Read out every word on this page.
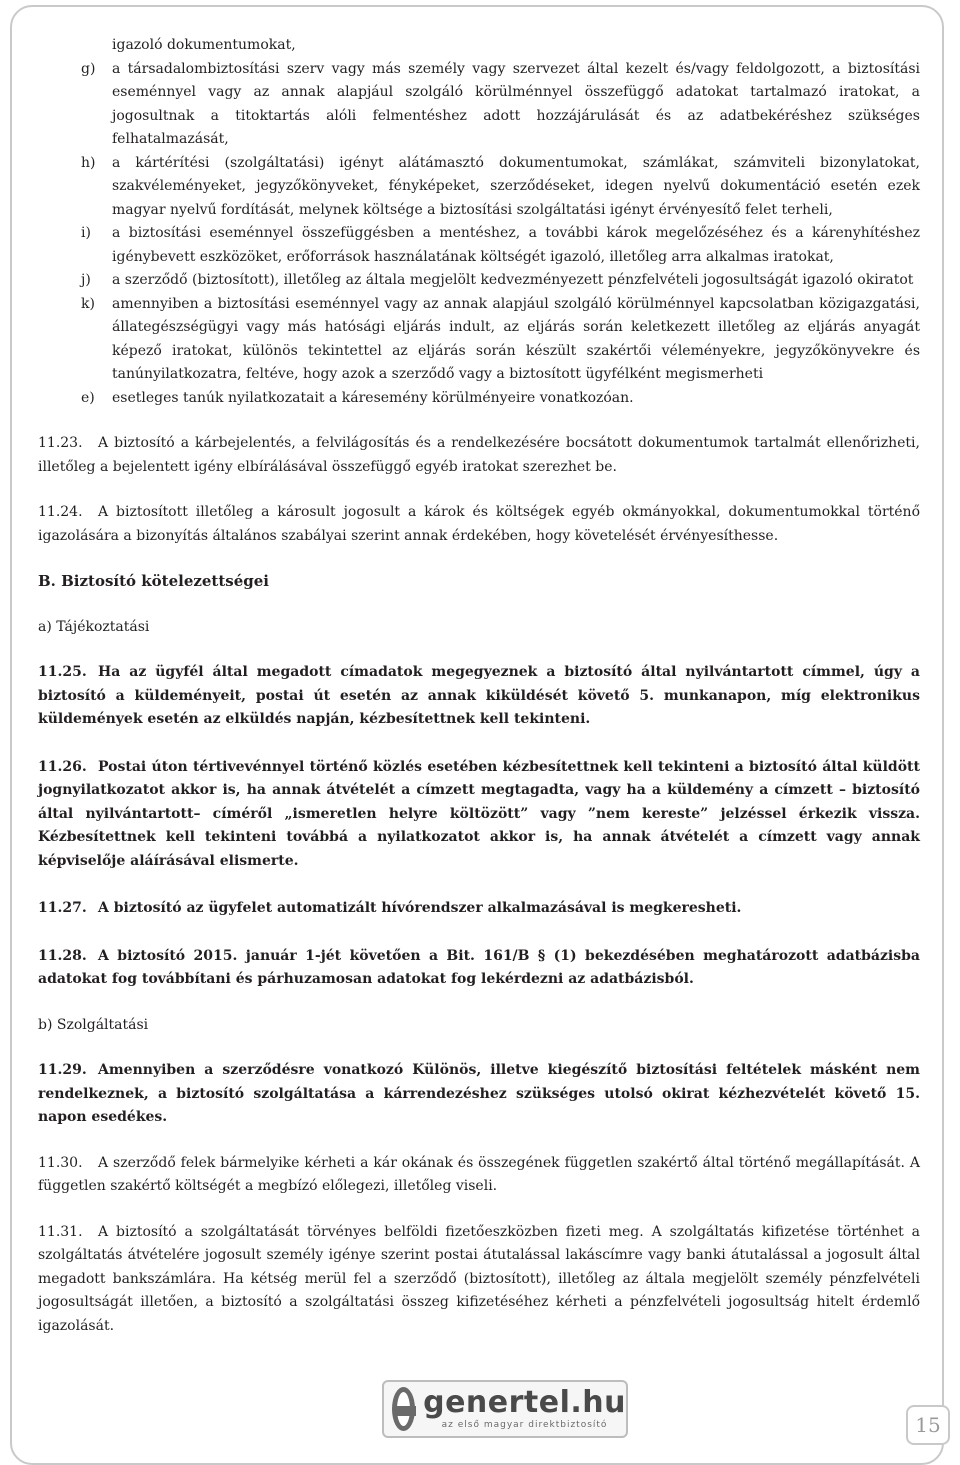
igazoló dokumentumokat,
g) a társadalombiztosítási szerv vagy más személy vagy szervezet által kezelt és/vagy feldolgozott, a biztosítási eseménnyel vagy az annak alapjául szolgáló körülménnyel összefüggő adatokat tartalmazó iratokat, a jogosultnak a titoktartás alóli felmentéshez adott hozzájárulását és az adatbekéréshez szükséges felhatalmazását,
h) a kártérítési (szolgáltatási) igényt alátámasztó dokumentumokat, számlákat, számviteli bizonylatokat, szakvéleményeket, jegyzőkönyveket, fényképeket, szerződéseket, idegen nyelvű dokumentáció esetén ezek magyar nyelvű fordítását, melynek költsége a biztosítási szolgáltatási igényt érvényesítő felet terheli,
i) a biztosítási eseménnyel összefüggésben a mentéshez, a további károk megelőzéséhez és a kárenyhítéshez igénybevett eszközöket, erőforrások használatának költségét igazoló, illetőleg arra alkalmas iratokat,
j) a szerződő (biztosított), illetőleg az általa megjelölt kedvezményezett pénzfelvételi jogosultságát igazoló okiratot
k) amennyiben a biztosítási eseménnyel vagy az annak alapjául szolgáló körülménnyel kapcsolatban közigazgatási, állategészségügyi vagy más hatósági eljárás indult, az eljárás során keletkezett illetőleg az eljárás anyagát képező iratokat, különös tekintettel az eljárás során készült szakértői véleményekre, jegyzőkönyvekre és tanúnyilatkozatra, feltéve, hogy azok a szerződő vagy a biztosított ügyfélként megismerheti
e) esetleges tanúk nyilatkozatait a káresemény körülményeire vonatkozóan.

11.23. A biztosító a kárbejelentés, a felvilágosítás és a rendelkezésére bocsátott dokumentumok tartalmát ellenőrizheti, illetőleg a bejelentett igény elbírálásával összefüggő egyéb iratokat szerezhet be.

11.24. A biztosított illetőleg a károsult jogosult a károk és költségek egyéb okmányokkal, dokumentumokkal történő igazolására a bizonyítás általános szabályai szerint annak érdekében, hogy követelését érvényesíthesse.

B. Biztosító kötelezettségei

a) Tájékoztatási

11.25. Ha az ügyfél által megadott címadatok megegyeznek a biztosító által nyilvántartott címmel, úgy a biztosító a küldeményeit, postai út esetén az annak kiküldését követő 5. munkanapon, míg elektronikus küldemények esetén az elküldés napján, kézbesítettnek kell tekinteni.

11.26. Postai úton tértivevénnyel történő közlés esetében kézbesítettnek kell tekinteni a biztosító által küldött jognyilatkozatot akkor is, ha annak átvételét a címzett megtagadta, vagy ha a küldemény a címzett – biztosító által nyilvántartott– címéről „ismeretlen helyre költözött” vagy ”nem kereste” jelzéssel érkezik vissza. Kézbesítettnek kell tekinteni továbbá a nyilatkozatot akkor is, ha annak átvételét a címzett vagy annak képviselője aláírásával elismerte.

11.27. A biztosító az ügyfelet automatizált hívórendszer alkalmazásával is megkeresheti.

11.28. A biztosító 2015. január 1-jét követően a Bit. 161/B § (1) bekezdésében meghatározott adatbázisba adatokat fog továbbítani és párhuzamosan adatokat fog lekérdezni az adatbázisból.

b) Szolgáltatási

11.29. Amennyiben a szerződésre vonatkozó Különös, illetve kiegészítő biztosítási feltételek másként nem rendelkeznek, a biztosító szolgáltatása a kárrendezéshez szükséges utolsó okirat kézhezvételét követő 15. napon esedékes.

11.30. A szerződő felek bármelyike kérheti a kár okának és összegének független szakértő által történő megállapítását. A független szakértő költségét a megbízó előlegezi, illetőleg viseli.

11.31. A biztosító a szolgáltatását törvényes belföldi fizetőeszközben fizeti meg. A szolgáltatás kifizetése történhet a szolgáltatás átvételére jogosult személy igénye szerint postai átutalással lakáscímre vagy banki átutalással a jogosult által megadott bankszámlára. Ha kétség merül fel a szerződő (biztosított), illetőleg az általa megjelölt személy pénzfelvételi jogosultságát illetően, a biztosító a szolgáltatási összeg kifizetéséhez kérheti a pénzfelvételi jogosultság hitelt érdemlő igazolását.

genertel.hu
az első magyar direktbiztosító	15
